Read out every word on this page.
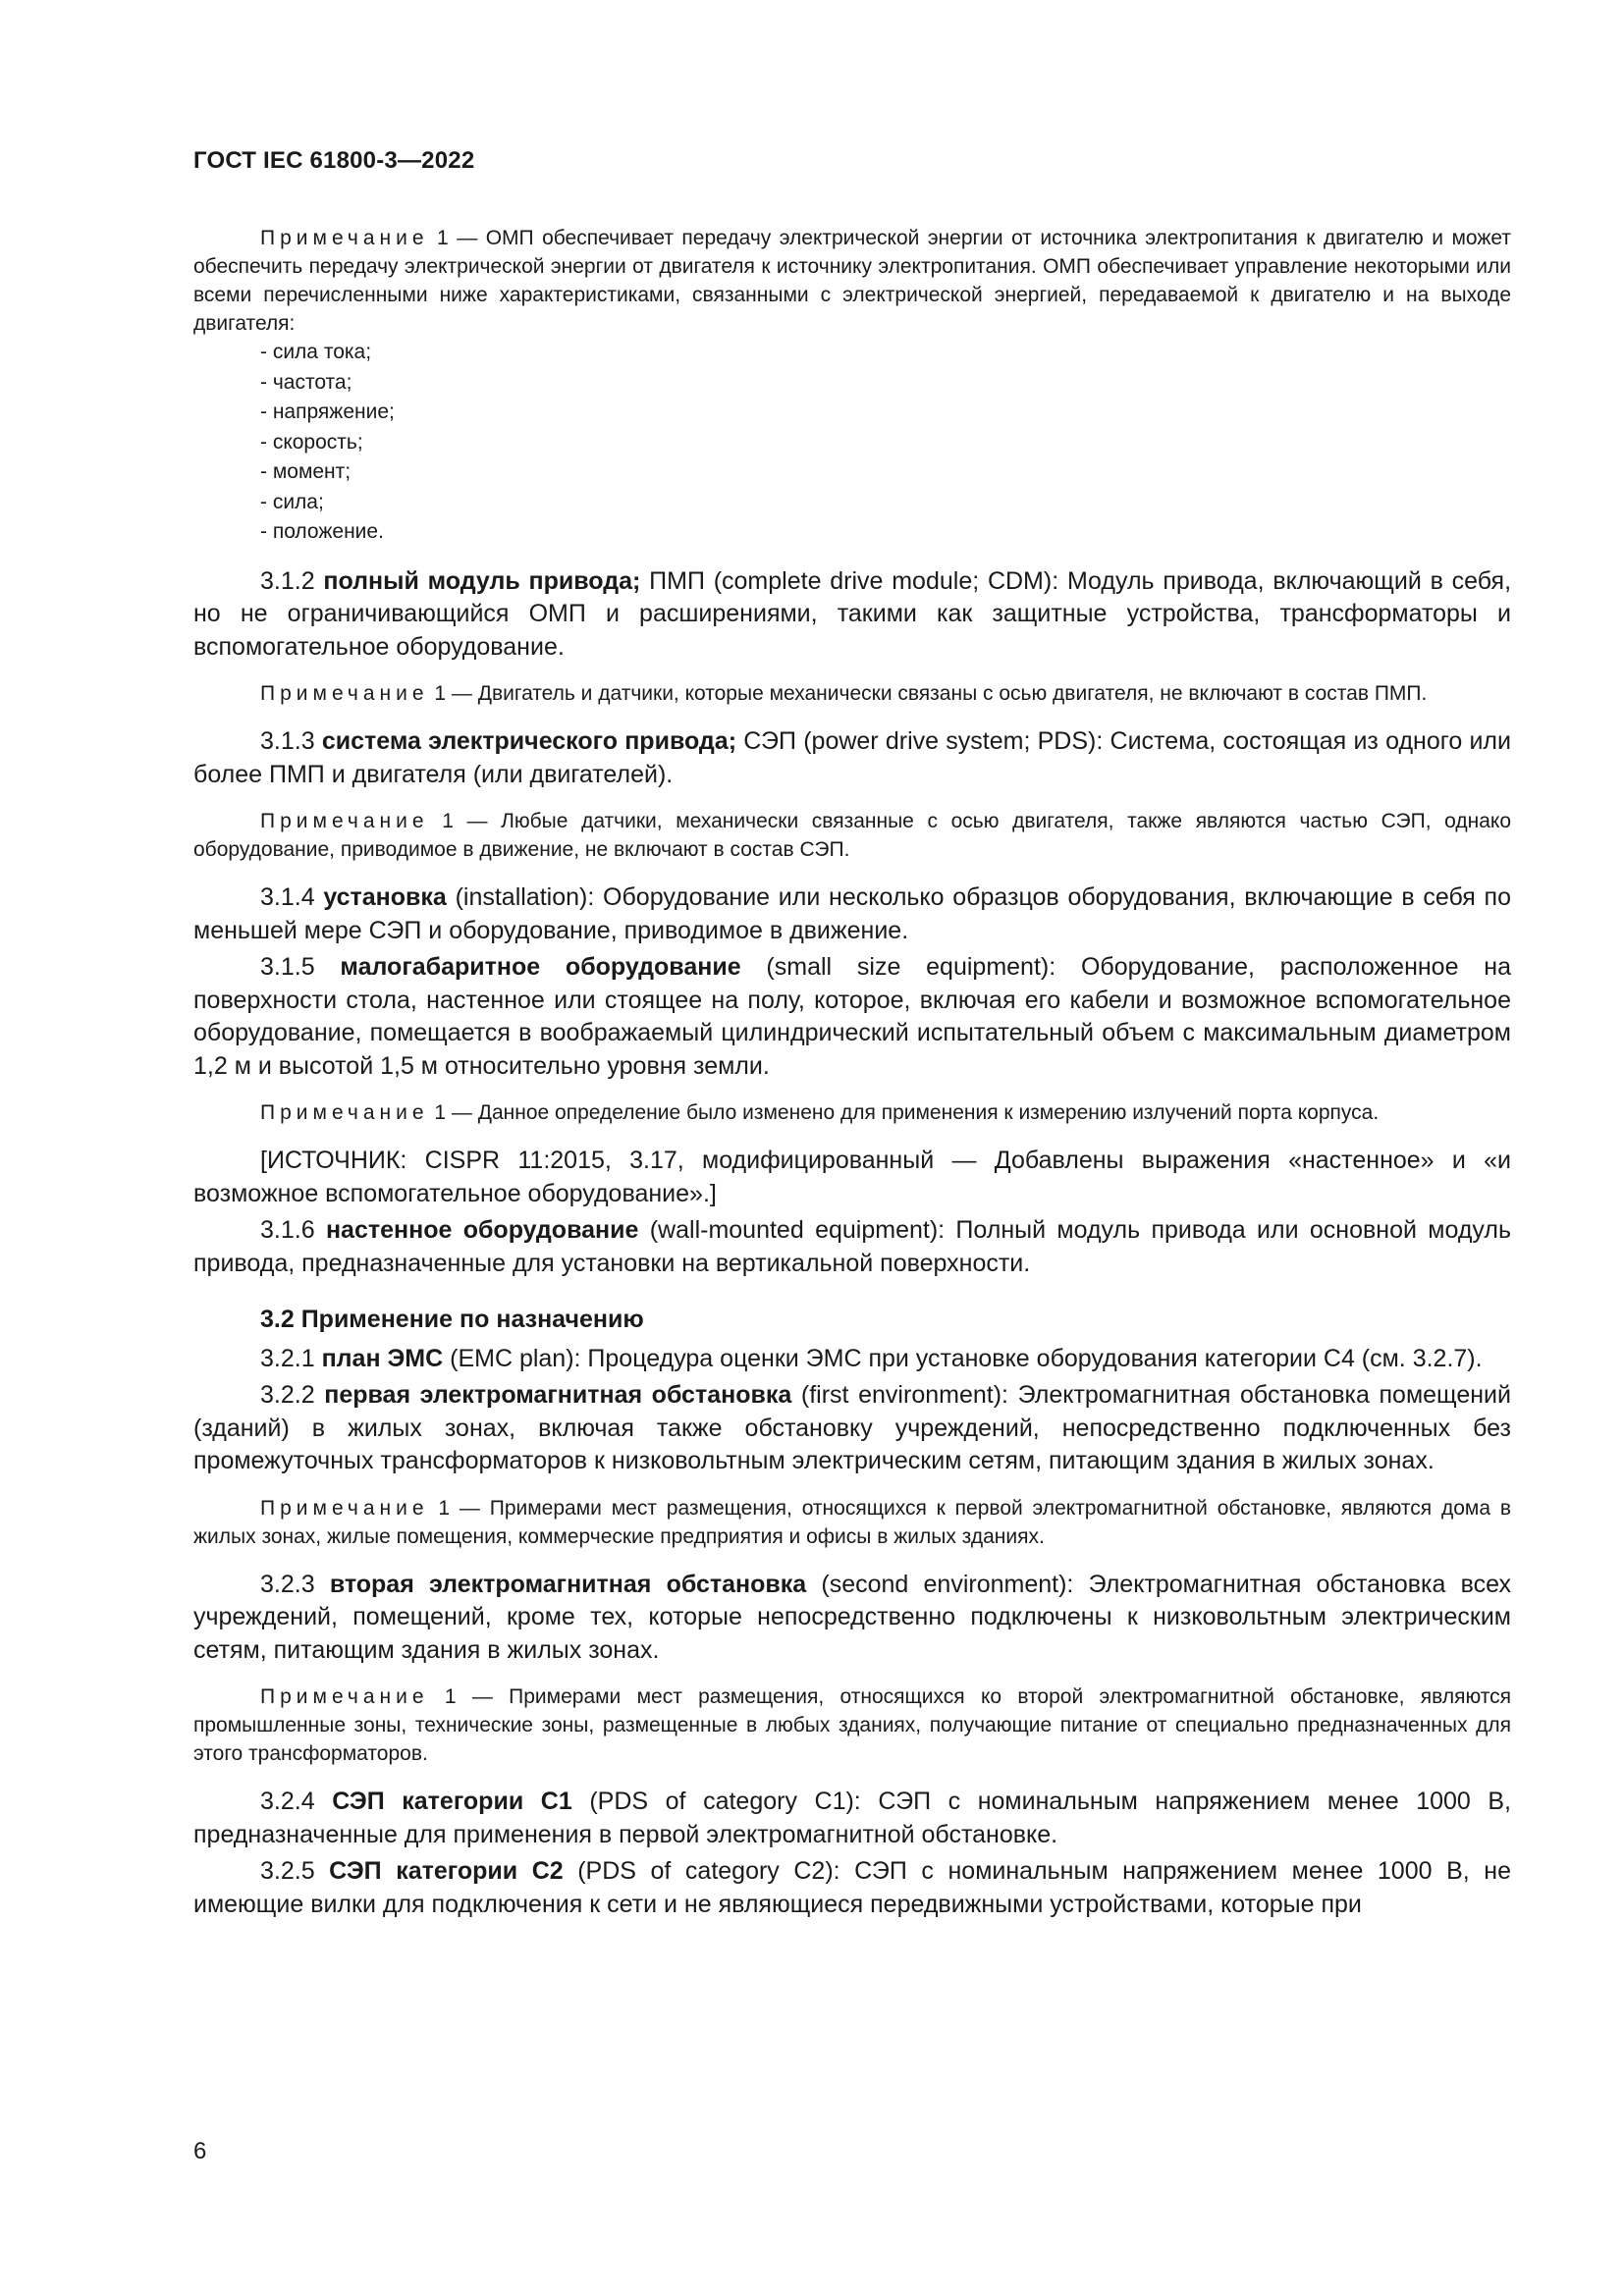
ГОСТ IEC 61800-3—2022
Примечание 1 — ОМП обеспечивает передачу электрической энергии от источника электропитания к двигателю и может обеспечить передачу электрической энергии от двигателя к источнику электропитания. ОМП обеспечивает управление некоторыми или всеми перечисленными ниже характеристиками, связанными с электрической энергией, передаваемой к двигателю и на выходе двигателя:
- сила тока;
- частота;
- напряжение;
- скорость;
- момент;
- сила;
- положение.

3.1.2 полный модуль привода; ПМП (complete drive module; CDM): Модуль привода, включающий в себя, но не ограничивающийся ОМП и расширениями, такими как защитные устройства, трансформаторы и вспомогательное оборудование.

Примечание 1 — Двигатель и датчики, которые механически связаны с осью двигателя, не включают в состав ПМП.

3.1.3 система электрического привода; СЭП (power drive system; PDS): Система, состоящая из одного или более ПМП и двигателя (или двигателей).

Примечание 1 — Любые датчики, механически связанные с осью двигателя, также являются частью СЭП, однако оборудование, приводимое в движение, не включают в состав СЭП.

3.1.4 установка (installation): Оборудование или несколько образцов оборудования, включающие в себя по меньшей мере СЭП и оборудование, приводимое в движение.

3.1.5 малогабаритное оборудование (small size equipment): Оборудование, расположенное на поверхности стола, настенное или стоящее на полу, которое, включая его кабели и возможное вспомогательное оборудование, помещается в воображаемый цилиндрический испытательный объем с максимальным диаметром 1,2 м и высотой 1,5 м относительно уровня земли.

Примечание 1 — Данное определение было изменено для применения к измерению излучений порта корпуса.

[ИСТОЧНИК: CISPR 11:2015, 3.17, модифицированный — Добавлены выражения «настенное» и «и возможное вспомогательное оборудование».]

3.1.6 настенное оборудование (wall-mounted equipment): Полный модуль привода или основной модуль привода, предназначенные для установки на вертикальной поверхности.

3.2 Применение по назначению

3.2.1 план ЭМС (EMC plan): Процедура оценки ЭМС при установке оборудования категории С4 (см. 3.2.7).

3.2.2 первая электромагнитная обстановка (first environment): Электромагнитная обстановка помещений (зданий) в жилых зонах, включая также обстановку учреждений, непосредственно подключенных без промежуточных трансформаторов к низковольтным электрическим сетям, питающим здания в жилых зонах.

Примечание 1 — Примерами мест размещения, относящихся к первой электромагнитной обстановке, являются дома в жилых зонах, жилые помещения, коммерческие предприятия и офисы в жилых зданиях.

3.2.3 вторая электромагнитная обстановка (second environment): Электромагнитная обстановка всех учреждений, помещений, кроме тех, которые непосредственно подключены к низковольтным электрическим сетям, питающим здания в жилых зонах.

Примечание 1 — Примерами мест размещения, относящихся ко второй электромагнитной обстановке, являются промышленные зоны, технические зоны, размещенные в любых зданиях, получающие питание от специально предназначенных для этого трансформаторов.

3.2.4 СЭП категории С1 (PDS of category C1): СЭП с номинальным напряжением менее 1000 В, предназначенные для применения в первой электромагнитной обстановке.

3.2.5 СЭП категории С2 (PDS of category C2): СЭП с номинальным напряжением менее 1000 В, не имеющие вилки для подключения к сети и не являющиеся передвижными устройствами, которые при

6
